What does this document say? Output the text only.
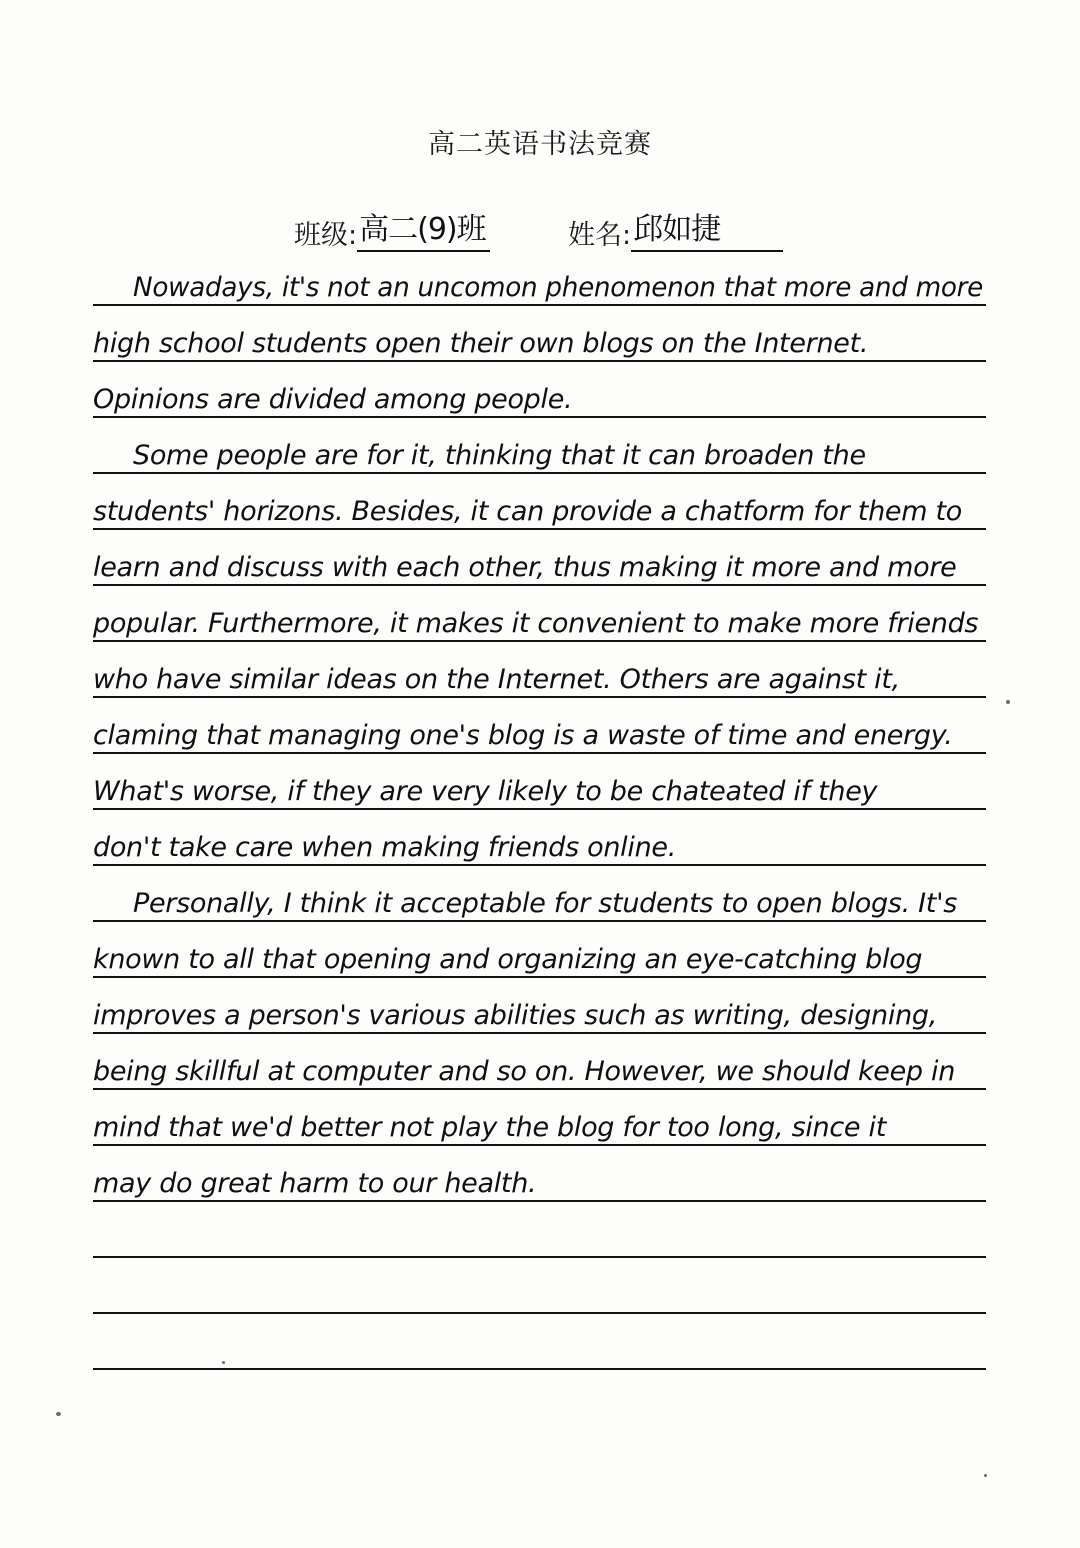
高二英语书法竞赛
班级:高二(9)班	姓名:邱如捷
Nowadays, it's not an uncomon phenomenon that more and more
high school students open their own blogs on the Internet.
Opinions are divided among people.
Some people are for it, thinking that it can broaden the
students' horizons. Besides, it can provide a chatform for them to
learn and discuss with each other, thus making it more and more
popular. Furthermore, it makes it convenient to make more friends
who have similar ideas on the Internet. Others are against it,
claming that managing one's blog is a waste of time and energy.
What's worse, if they are very likely to be chateated if they
don't take care when making friends online.
Personally, I think it acceptable for students to open blogs. It's
known to all that opening and organizing an eye-catching blog
improves a person's various abilities such as writing, designing,
being skillful at computer and so on. However, we should keep in
mind that we'd better not play the blog for too long, since it
may do great harm to our health.
